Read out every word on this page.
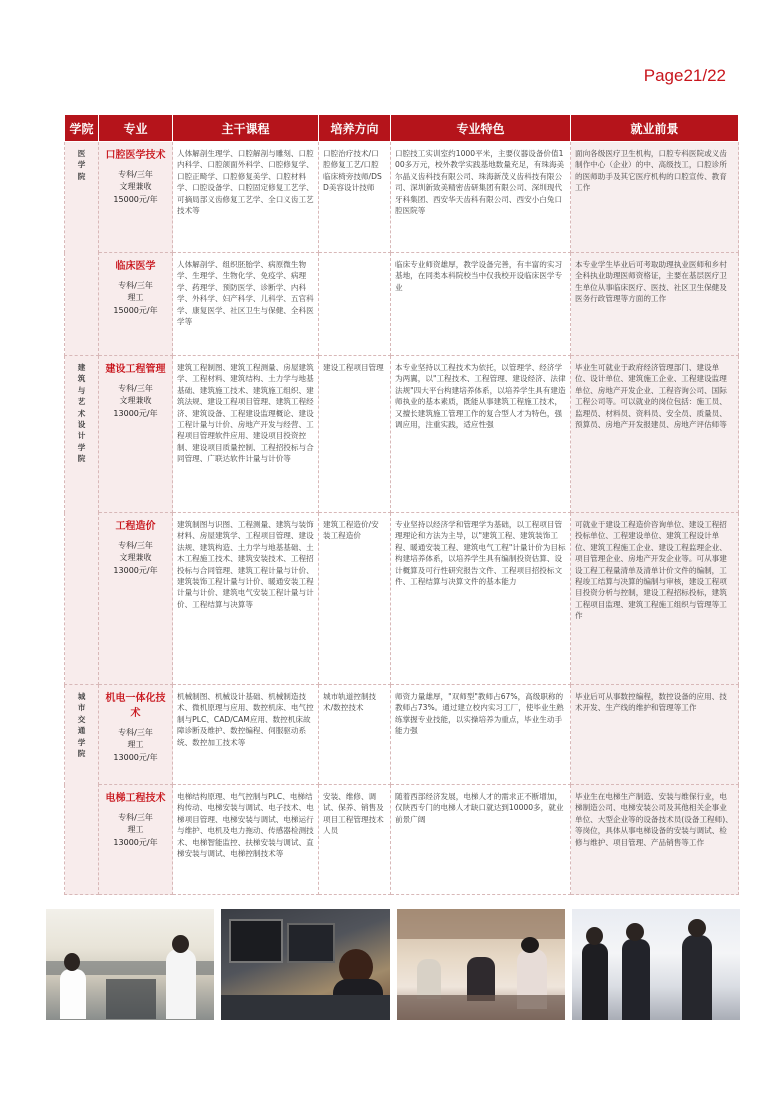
Page21/22
学院	专业	主干课程	培养方向	专业特色	就业前景

医学院	口腔医学技术
专科/三年
文理兼收
15000元/年	人体解剖生理学、口腔解剖与雕刻、口腔内科学、口腔颌面外科学、口腔修复学、口腔正畸学、口腔修复美学、口腔材料学、口腔设备学、口腔固定修复工艺学、可摘局部义齿修复工艺学、全口义齿工艺技术等	口腔治疗技术/口腔修复工艺/口腔临床椅旁技师/DSD美容设计技师	口腔技工实训室约1000平米，主要仪器设备价值100多万元，校外教学实践基地数量充足，有珠海美尔晶义齿科技有限公司、珠海新茂义齿科技有限公司、深圳新致美精密齿研集团有限公司、深圳现代牙科集团、西安华天齿科有限公司、西安小白兔口腔医院等	面向各级医疗卫生机构，口腔专科医院或义齿制作中心（企业）的中、高级技工，口腔诊所的医师助手及其它医疗机构的口腔宣传、教育工作

	临床医学
专科/三年
理工
15000元/年	人体解剖学、组织胚胎学、病原微生物学、生理学、生物化学、免疫学、病理学、药理学、预防医学、诊断学、内科学、外科学、妇产科学、儿科学、五官科学、康复医学、社区卫生与保健、全科医学等		临床专业师资雄厚，教学设备完善，有丰富的实习基地，在同类本科院校当中仅我校开设临床医学专业	本专业学生毕业后可考取助理执业医师和乡村全科执业助理医师资格证，主要在基层医疗卫生单位从事临床医疗、医技、社区卫生保健及医务行政管理等方面的工作

建筑与艺术设计学院	建设工程管理
专科/三年
文理兼收
13000元/年	建筑工程制图、建筑工程测量、房屋建筑学、工程材料、建筑结构、土力学与地基基础、建筑施工技术、建筑施工组织、建筑法规、建设工程项目管理、建筑工程经济、建筑设备、工程建设监理概论、建设工程计量与计价、房地产开发与经营、工程项目管理软件应用、建设项目投资控制、建设项目质量控制、工程招投标与合同管理、广联达软件计量与计价等	建设工程项目管理	本专业坚持以工程技术为依托，以管理学、经济学为两翼，以"工程技术、工程管理、建设经济、法律法规"四大平台构建培养体系，以培养学生具有建造师执业的基本素质，既能从事建筑工程施工技术，又擅长建筑施工管理工作的复合型人才为特色，强调应用，注重实践，适应性强	毕业生可就业于政府经济管理部门、建设单位、设计单位、建筑施工企业、工程建设监理单位、房地产开发企业、工程咨询公司、国际工程公司等。可以就业的岗位包括：施工员、监理员、材料员、资料员、安全员、质量员、预算员、房地产开发报建员、房地产评估师等

	工程造价
专科/三年
文理兼收
13000元/年	建筑制图与识图、工程测量、建筑与装饰材料、房屋建筑学、工程项目管理、建设法规、建筑构造、土力学与地基基础、土木工程施工技术、建筑安装技术、工程招投标与合同管理、建筑工程计量与计价、建筑装饰工程计量与计价、暖通安装工程计量与计价、建筑电气安装工程计量与计价、工程结算与决算等	建筑工程造价/安装工程造价	专业坚持以经济学和管理学为基础，以工程项目管理理论和方法为主导，以"建筑工程、建筑装饰工程、暖通安装工程、建筑电气工程"计量计价为目标构建培养体系，以培养学生具有编制投资估算、设计概算及可行性研究报告文件、工程项目招投标文件、工程结算与决算文件的基本能力	可就业于建设工程造价咨询单位、建设工程招投标单位、工程建设单位、建筑工程设计单位、建筑工程施工企业、建设工程监理企业、项目管理企业、房地产开发企业等。可从事建设工程工程量清单及清单计价文件的编制，工程竣工结算与决算的编制与审核，建设工程项目投资分析与控制，建设工程招标投标，建筑工程项目监理、建筑工程施工组织与管理等工作

城市交通学院	机电一体化技术
专科/三年
理工
13000元/年	机械制图、机械设计基础、机械制造技术、微机原理与应用、数控机床、电气控制与PLC、CAD/CAM应用、数控机床故障诊断及维护、数控编程、伺服驱动系统、数控加工技术等	城市轨道控制技术/数控技术	师资力量雄厚，"双师型"教师占67%，高级职称的教师占73%。通过建立校内实习工厂，使毕业生熟练掌握专业技能，以实操培养为重点，毕业生动手能力强	毕业后可从事数控编程，数控设备的应用、技术开发、生产线的维护和管理等工作

	电梯工程技术
专科/三年
理工
13000元/年	电梯结构原理、电气控制与PLC、电梯结构传动、电梯安装与调试、电子技术、电梯项目管理、电梯安装与调试、电梯运行与维护、电机及电力拖动、传感器检测技术、电梯智能监控、扶梯安装与调试、直梯安装与调试、电梯控制技术等	安装、维修、调试、保养、销售及项目工程管理技术人员	随着西部经济发展，电梯人才的需求正不断增加，仅陕西专门的电梯人才缺口就达到10000多，就业前景广阔	毕业生在电梯生产制造、安装与维保行业，电梯制造公司、电梯安装公司及其他相关企事业单位、大型企业等的设备技术员(设备工程师)、等岗位，具体从事电梯设备的安装与调试、检修与维护、项目管理、产品销售等工作
